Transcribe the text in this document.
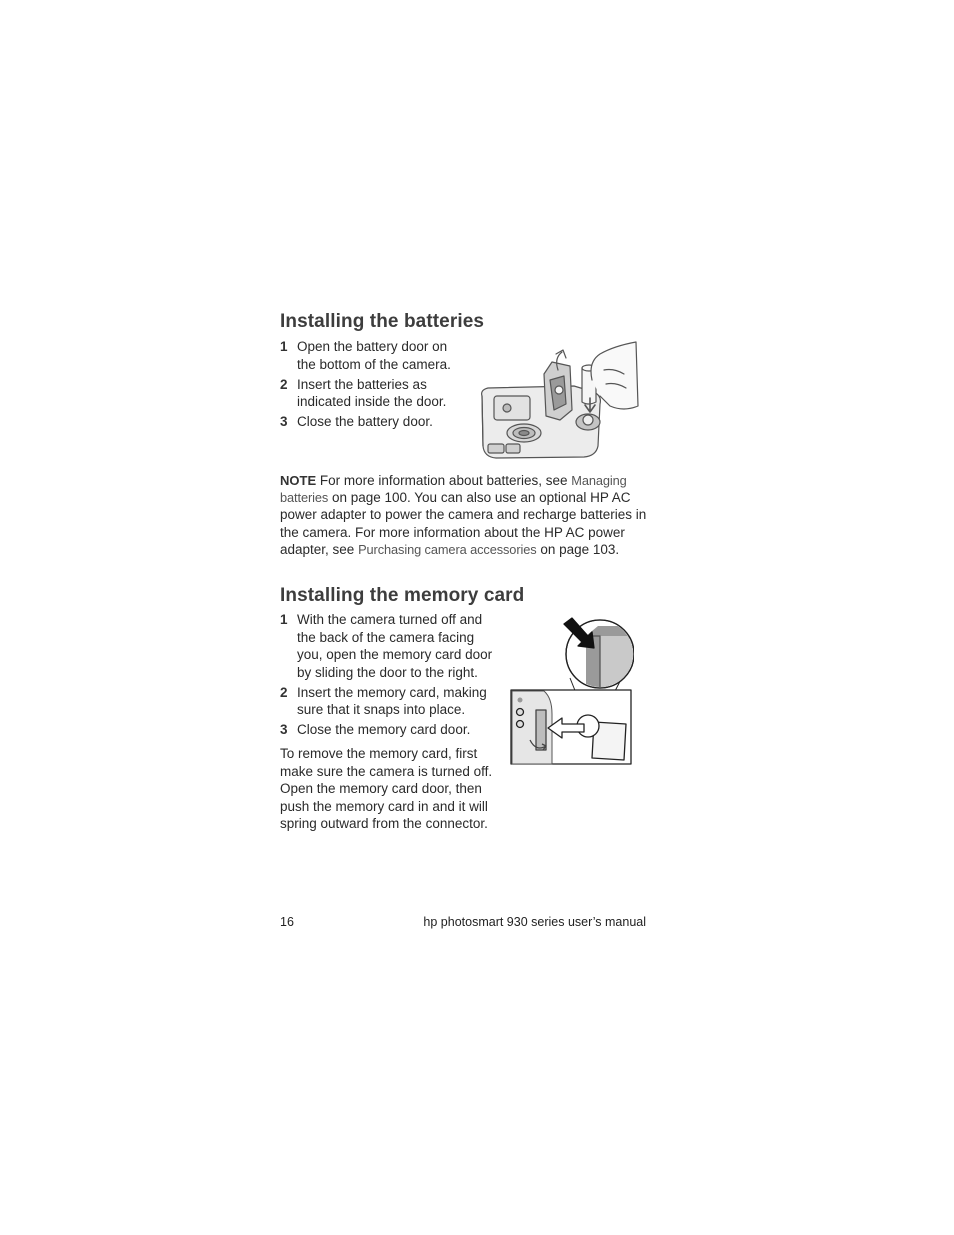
Installing the batteries
1 Open the battery door on the bottom of the camera.
2 Insert the batteries as indicated inside the door.
3 Close the battery door.
NOTE For more information about batteries, see Managing batteries on page 100. You can also use an optional HP AC power adapter to power the camera and recharge batteries in the camera. For more information about the HP AC power adapter, see Purchasing camera accessories on page 103.
Installing the memory card
1 With the camera turned off and the back of the camera facing you, open the memory card door by sliding the door to the right.
2 Insert the memory card, making sure that it snaps into place.
3 Close the memory card door.

To remove the memory card, first make sure the camera is turned off. Open the memory card door, then push the memory card in and it will spring outward from the connector.

16	hp photosmart 930 series user’s manual
